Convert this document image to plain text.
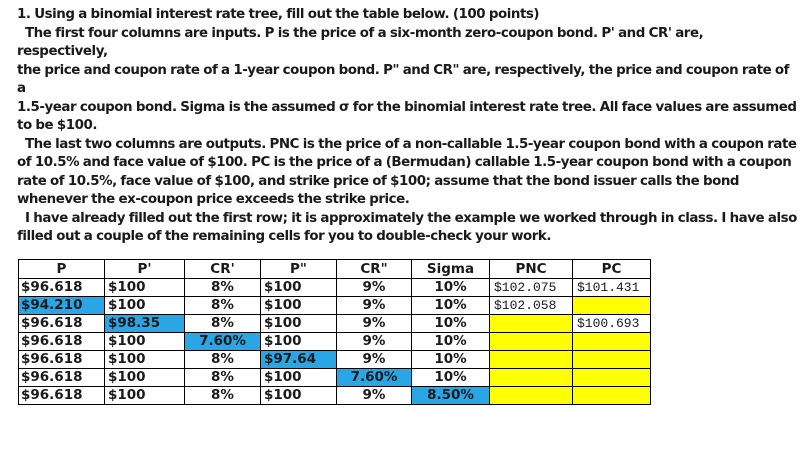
1. Using a binomial interest rate tree, fill out the table below. (100 points)

The first four columns are inputs. P is the price of a six-month zero-coupon bond. P' and CR' are, respectively,

the price and coupon rate of a 1-year coupon bond. P" and CR" are, respectively, the price and coupon rate of a

1.5-year coupon bond. Sigma is the assumed σ for the binomial interest rate tree. All face values are assumed

to be $100.

The last two columns are outputs. PNC is the price of a non-callable 1.5-year coupon bond with a coupon rate

of 10.5% and face value of $100. PC is the price of a (Bermudan) callable 1.5-year coupon bond with a coupon

rate of 10.5%, face value of $100, and strike price of $100; assume that the bond issuer calls the bond

whenever the ex-coupon price exceeds the strike price.

I have already filled out the first row; it is approximately the example we worked through in class. I have also

filled out a couple of the remaining cells for you to double-check your work.

P	P'	CR'	P"	CR"	Sigma	PNC	PC
$96.618	$100	8%	$100	9%	10%	$102.075	$101.431
$94.210	$100	8%	$100	9%	10%	$102.058	
$96.618	$98.35	8%	$100	9%	10%		$100.693
$96.618	$100	7.60%	$100	9%	10%		
$96.618	$100	8%	$97.64	9%	10%		
$96.618	$100	8%	$100	7.60%	10%		
$96.618	$100	8%	$100	9%	8.50%		
